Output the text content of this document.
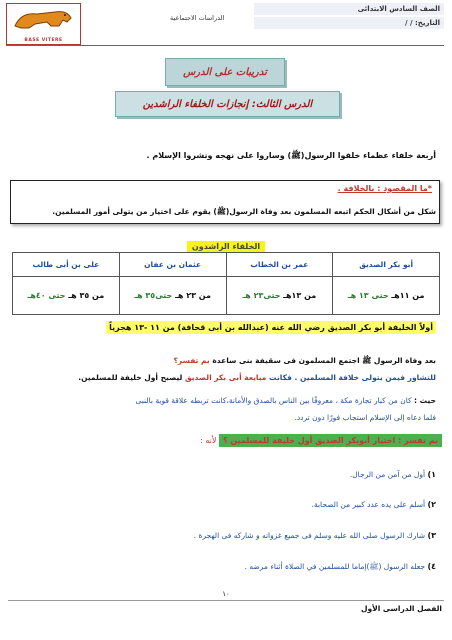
الصف السادس الابتدائى
التاريخ: / /
الدراسات الاجتماعية
BASE VITERE
تدريبات على الدرس
الدرس الثالث: إنجازات الخلفاء الراشدين
أربعة خلفاء عظماء خلفوا الرسول(ﷺ) وساروا على نهجه ونشروا الإسلام .
*ما المقصود : بالخلافة .
شكل من أشكال الحكم اتبعه المسلمون بعد وفاة الرسول(ﷺ) يقوم على اختيار من يتولى أمور المسلمين.
الخلفاء الراشدون
أبو بكر الصديق	عمر بن الخطاب	عثمان بن عفان	على بن أبى طالب
من ١١هـ حتى ١٣ هـ	من ١٣هـ حتى٢٣ هـ	من ٢٣ هـ حتى٣٥ هـ	من ٣٥ هـ حتى ٤٠هـ
أولاً الخليفة أبو بكر الصديق رضي الله عنه (عبدالله بن أبى قحافة) من ١١ -١٣ هجرياً
بعد وفاة الرسول ﷺ اجتمع المسلمون فى سقيفة بنى ساعدة بم تفسر؟
للتشاور فيمن يتولى خلافة المسلمين . فكانت مبايعة أبى بكر الصديق ليصبح أول خليفة للمسلمين.
حيث : كان من كبار تجارة مكة ، معروفًا بين الناس بالصدق والأمانة،كانت تربطه علاقة قوية بالنبى
فلما دعاه إلى الإسلام استجاب فورًا دون تردد.
بم تفسر : اختيار أبوبكر الصديق أول خليفة للمسلمين ؟ لأنه :
١) أول من آمن من الرجال.
٢) أسلم على يده عدد كبير من الصحابة.
٣) شارك الرسول صلى الله عليه وسلم فى جميع غزواته و شاركه فى الهجرة .
٤) جعله الرسول (ﷺ)إماما للمسلمين في الصلاة أثناء مرضه .
١٠
الفصل الدراسى الأول
